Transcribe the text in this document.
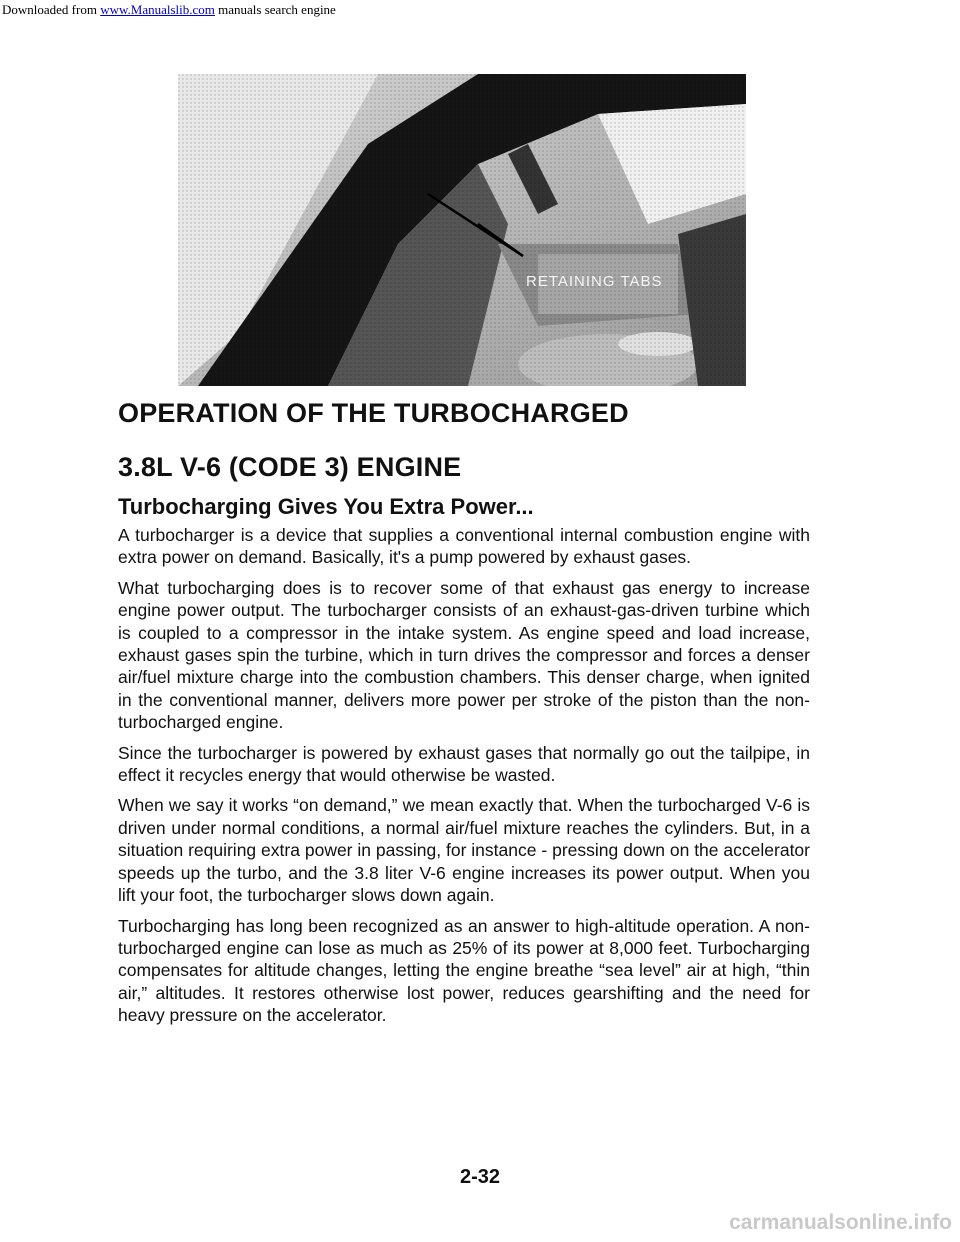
Downloaded from www.Manualslib.com manuals search engine
RETAINING TABS
OPERATION OF THE TURBOCHARGED
3.8L V-6 (CODE 3) ENGINE
Turbocharging Gives You Extra Power...

A turbocharger is a device that supplies a conventional internal combustion engine with extra power on demand. Basically, it's a pump powered by exhaust gases.

What turbocharging does is to recover some of that exhaust gas energy to increase engine power output. The turbocharger consists of an exhaust-gas-driven turbine which is coupled to a compressor in the intake system. As engine speed and load increase, exhaust gases spin the turbine, which in turn drives the compressor and forces a denser air/fuel mixture charge into the combustion chambers. This denser charge, when ignited in the conventional manner, delivers more power per stroke of the piston than the non-turbocharged engine.

Since the turbocharger is powered by exhaust gases that normally go out the tailpipe, in effect it recycles energy that would otherwise be wasted.

When we say it works “on demand,” we mean exactly that. When the turbocharged V-6 is driven under normal conditions, a normal air/fuel mixture reaches the cylinders. But, in a situation requiring extra power in passing, for instance - pressing down on the accelerator speeds up the turbo, and the 3.8 liter V-6 engine increases its power output. When you lift your foot, the turbocharger slows down again.

Turbocharging has long been recognized as an answer to high-altitude operation. A non-turbocharged engine can lose as much as 25% of its power at 8,000 feet. Turbocharging compensates for altitude changes, letting the engine breathe “sea level” air at high, “thin air,” altitudes. It restores otherwise lost power, reduces gearshifting and the need for heavy pressure on the accelerator.

2-32
carmanualsonline.info
